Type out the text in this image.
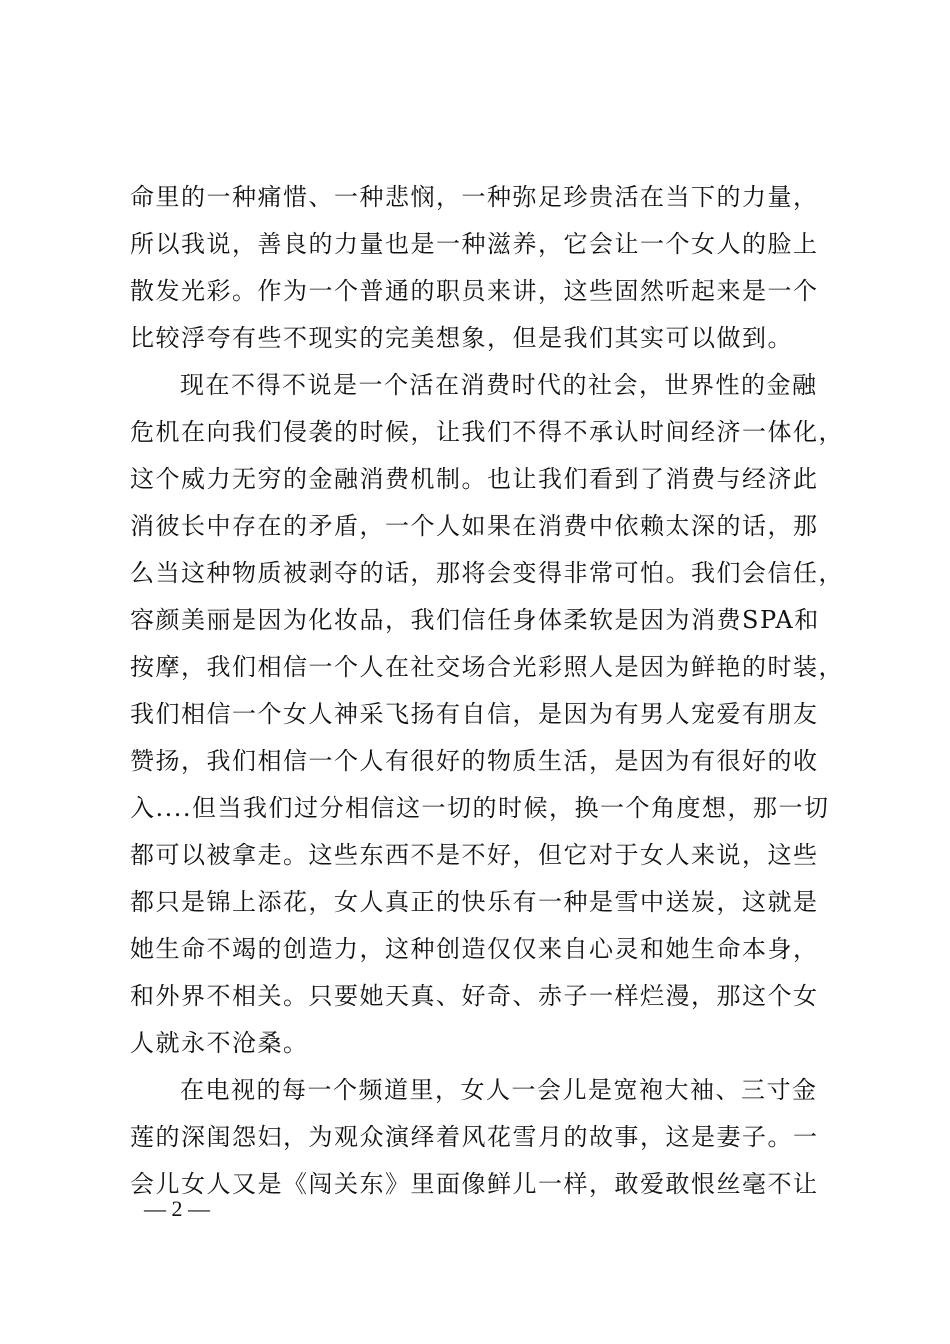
命里的一种痛惜、一种悲悯，一种弥足珍贵活在当下的力量，
所以我说，善良的力量也是一种滋养，它会让一个女人的脸上
散发光彩。作为一个普通的职员来讲，这些固然听起来是一个
比较浮夸有些不现实的完美想象，但是我们其实可以做到。
现在不得不说是一个活在消费时代的社会，世界性的金融
危机在向我们侵袭的时候，让我们不得不承认时间经济一体化，
这个威力无穷的金融消费机制。也让我们看到了消费与经济此
消彼长中存在的矛盾，一个人如果在消费中依赖太深的话，那
么当这种物质被剥夺的话，那将会变得非常可怕。我们会信任，
容颜美丽是因为化妆品，我们信任身体柔软是因为消费SPA和
按摩，我们相信一个人在社交场合光彩照人是因为鲜艳的时装，
我们相信一个女人神采飞扬有自信，是因为有男人宠爱有朋友
赞扬，我们相信一个人有很好的物质生活，是因为有很好的收
入....但当我们过分相信这一切的时候，换一个角度想，那一切
都可以被拿走。这些东西不是不好，但它对于女人来说，这些
都只是锦上添花，女人真正的快乐有一种是雪中送炭，这就是
她生命不竭的创造力，这种创造仅仅来自心灵和她生命本身，
和外界不相关。只要她天真、好奇、赤子一样烂漫，那这个女
人就永不沧桑。
在电视的每一个频道里，女人一会儿是宽袍大袖、三寸金
莲的深闺怨妇，为观众演绎着风花雪月的故事，这是妻子。一
会儿女人又是《闯关东》里面像鲜儿一样，敢爱敢恨丝毫不让
— 2 —
